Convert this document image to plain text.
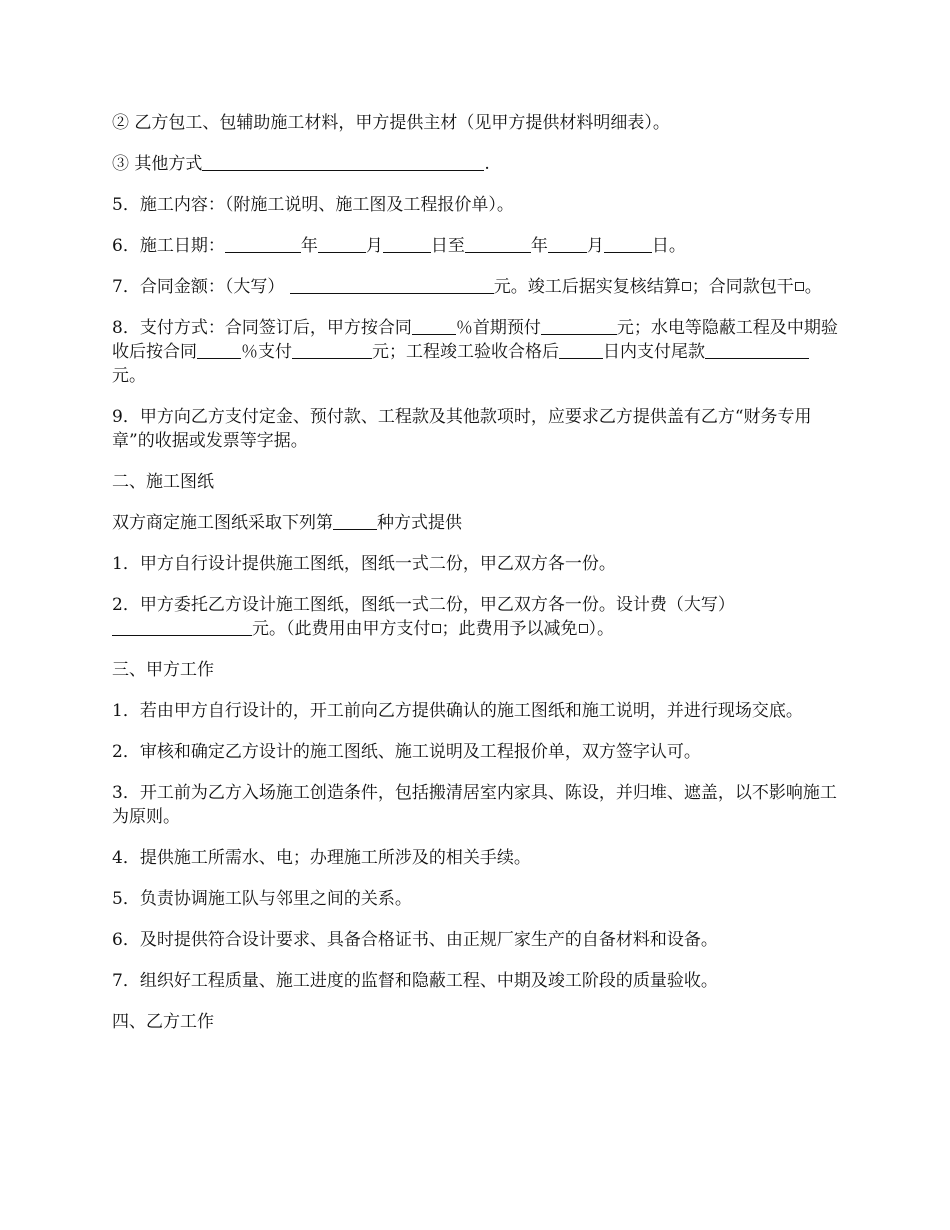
② 乙方包工、包辅助施工材料，甲方提供主材（见甲方提供材料明细表）。

③ 其他方式	.

5．施工内容：（附施工说明、施工图及工程报价单）。

6．施工日期：	年	月	日至	年 月	日。

7．合同金额：（大写）	元。竣工后据实复核结算 ；合同款包干 。

8．支付方式：合同签订后，甲方按合同	％首期预付	元；水电等隐蔽工程及中期验收后按合同	％支付	元；工程竣工验收合格后	日内支付尾款元。

9．甲方向乙方支付定金、预付款、工程款及其他款项时，应要求乙方提供盖有乙方“财务专用章”的收据或发票等字据。

二、施工图纸

双方商定施工图纸采取下列第	种方式提供

1．甲方自行设计提供施工图纸，图纸一式二份，甲乙双方各一份。

2．甲方委托乙方设计施工图纸，图纸一式二份，甲乙双方各一份。设计费（大写）元。（此费用由甲方支付 ；此费用予以减免 ）。

三、甲方工作

1．若由甲方自行设计的，开工前向乙方提供确认的施工图纸和施工说明，并进行现场交底。

2．审核和确定乙方设计的施工图纸、施工说明及工程报价单，双方签字认可。

3．开工前为乙方入场施工创造条件，包括搬清居室内家具、陈设，并归堆、遮盖，以不影响施工为原则。

4．提供施工所需水、电；办理施工所涉及的相关手续。

5．负责协调施工队与邻里之间的关系。

6．及时提供符合设计要求、具备合格证书、由正规厂家生产的自备材料和设备。

7．组织好工程质量、施工进度的监督和隐蔽工程、中期及竣工阶段的质量验收。

四、乙方工作
